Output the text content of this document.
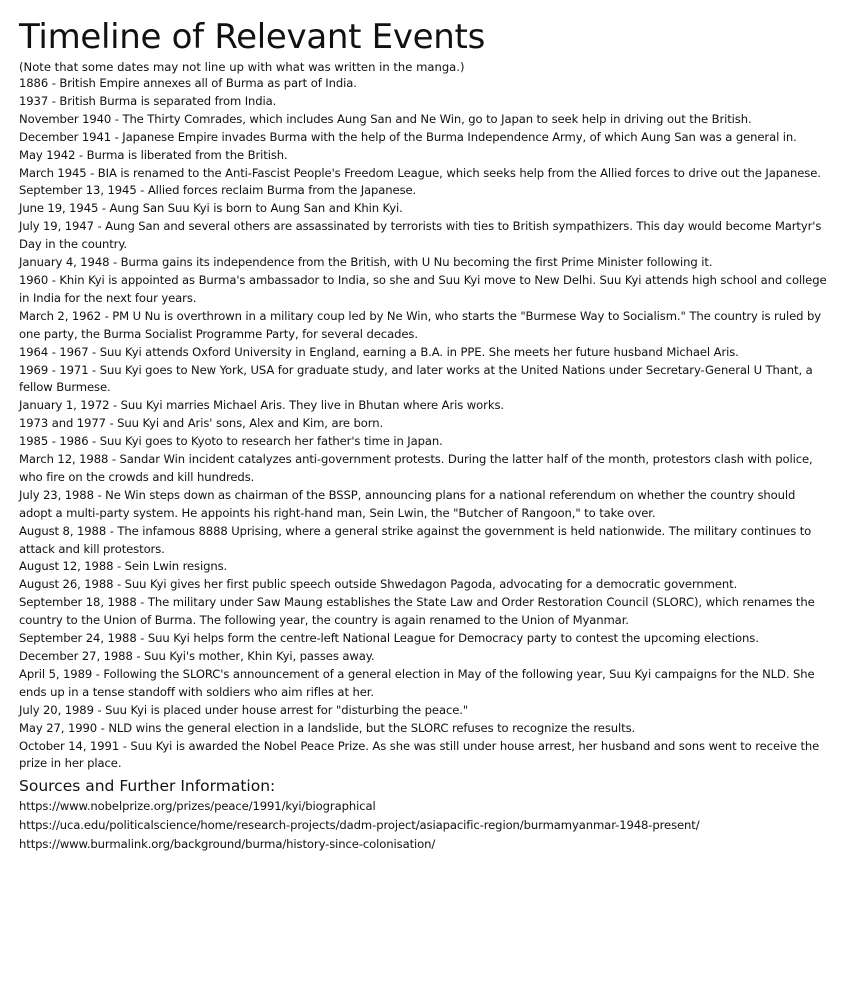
Timeline of Relevant Events

(Note that some dates may not line up with what was written in the manga.)

1886 - British Empire annexes all of Burma as part of India.
1937 - British Burma is separated from India.
November 1940 - The Thirty Comrades, which includes Aung San and Ne Win, go to Japan to seek help in driving out the British.
December 1941 - Japanese Empire invades Burma with the help of the Burma Independence Army, of which Aung San was a general in.
May 1942 - Burma is liberated from the British.
March 1945 - BIA is renamed to the Anti-Fascist People's Freedom League, which seeks help from the Allied forces to drive out the Japanese.
September 13, 1945 - Allied forces reclaim Burma from the Japanese.
June 19, 1945 - Aung San Suu Kyi is born to Aung San and Khin Kyi.
July 19, 1947 - Aung San and several others are assassinated by terrorists with ties to British sympathizers. This day would become Martyr's Day in the country.
January 4, 1948 - Burma gains its independence from the British, with U Nu becoming the first Prime Minister following it.
1960 - Khin Kyi is appointed as Burma's ambassador to India, so she and Suu Kyi move to New Delhi. Suu Kyi attends high school and college in India for the next four years.
March 2, 1962 - PM U Nu is overthrown in a military coup led by Ne Win, who starts the "Burmese Way to Socialism." The country is ruled by one party, the Burma Socialist Programme Party, for several decades.
1964 - 1967 - Suu Kyi attends Oxford University in England, earning a B.A. in PPE. She meets her future husband Michael Aris.
1969 - 1971 - Suu Kyi goes to New York, USA for graduate study, and later works at the United Nations under Secretary-General U Thant, a fellow Burmese.
January 1, 1972 - Suu Kyi marries Michael Aris. They live in Bhutan where Aris works.
1973 and 1977 - Suu Kyi and Aris' sons, Alex and Kim, are born.
1985 - 1986 - Suu Kyi goes to Kyoto to research her father's time in Japan.
March 12, 1988 - Sandar Win incident catalyzes anti-government protests. During the latter half of the month, protestors clash with police, who fire on the crowds and kill hundreds.
July 23, 1988 - Ne Win steps down as chairman of the BSSP, announcing plans for a national referendum on whether the country should adopt a multi-party system. He appoints his right-hand man, Sein Lwin, the "Butcher of Rangoon," to take over.
August 8, 1988 - The infamous 8888 Uprising, where a general strike against the government is held nationwide. The military continues to attack and kill protestors.
August 12, 1988 - Sein Lwin resigns.
August 26, 1988 - Suu Kyi gives her first public speech outside Shwedagon Pagoda, advocating for a democratic government.
September 18, 1988 - The military under Saw Maung establishes the State Law and Order Restoration Council (SLORC), which renames the country to the Union of Burma. The following year, the country is again renamed to the Union of Myanmar.
September 24, 1988 - Suu Kyi helps form the centre-left National League for Democracy party to contest the upcoming elections.
December 27, 1988 - Suu Kyi's mother, Khin Kyi, passes away.
April 5, 1989 - Following the SLORC's announcement of a general election in May of the following year, Suu Kyi campaigns for the NLD. She ends up in a tense standoff with soldiers who aim rifles at her.
July 20, 1989 - Suu Kyi is placed under house arrest for "disturbing the peace."
May 27, 1990 - NLD wins the general election in a landslide, but the SLORC refuses to recognize the results.
October 14, 1991 - Suu Kyi is awarded the Nobel Peace Prize. As she was still under house arrest, her husband and sons went to receive the prize in her place.
Sources and Further Information:
https://www.nobelprize.org/prizes/peace/1991/kyi/biographical
https://uca.edu/politicalscience/home/research-projects/dadm-project/asiapacific-region/burmamyanmar-1948-present/
https://www.burmalink.org/background/burma/history-since-colonisation/
